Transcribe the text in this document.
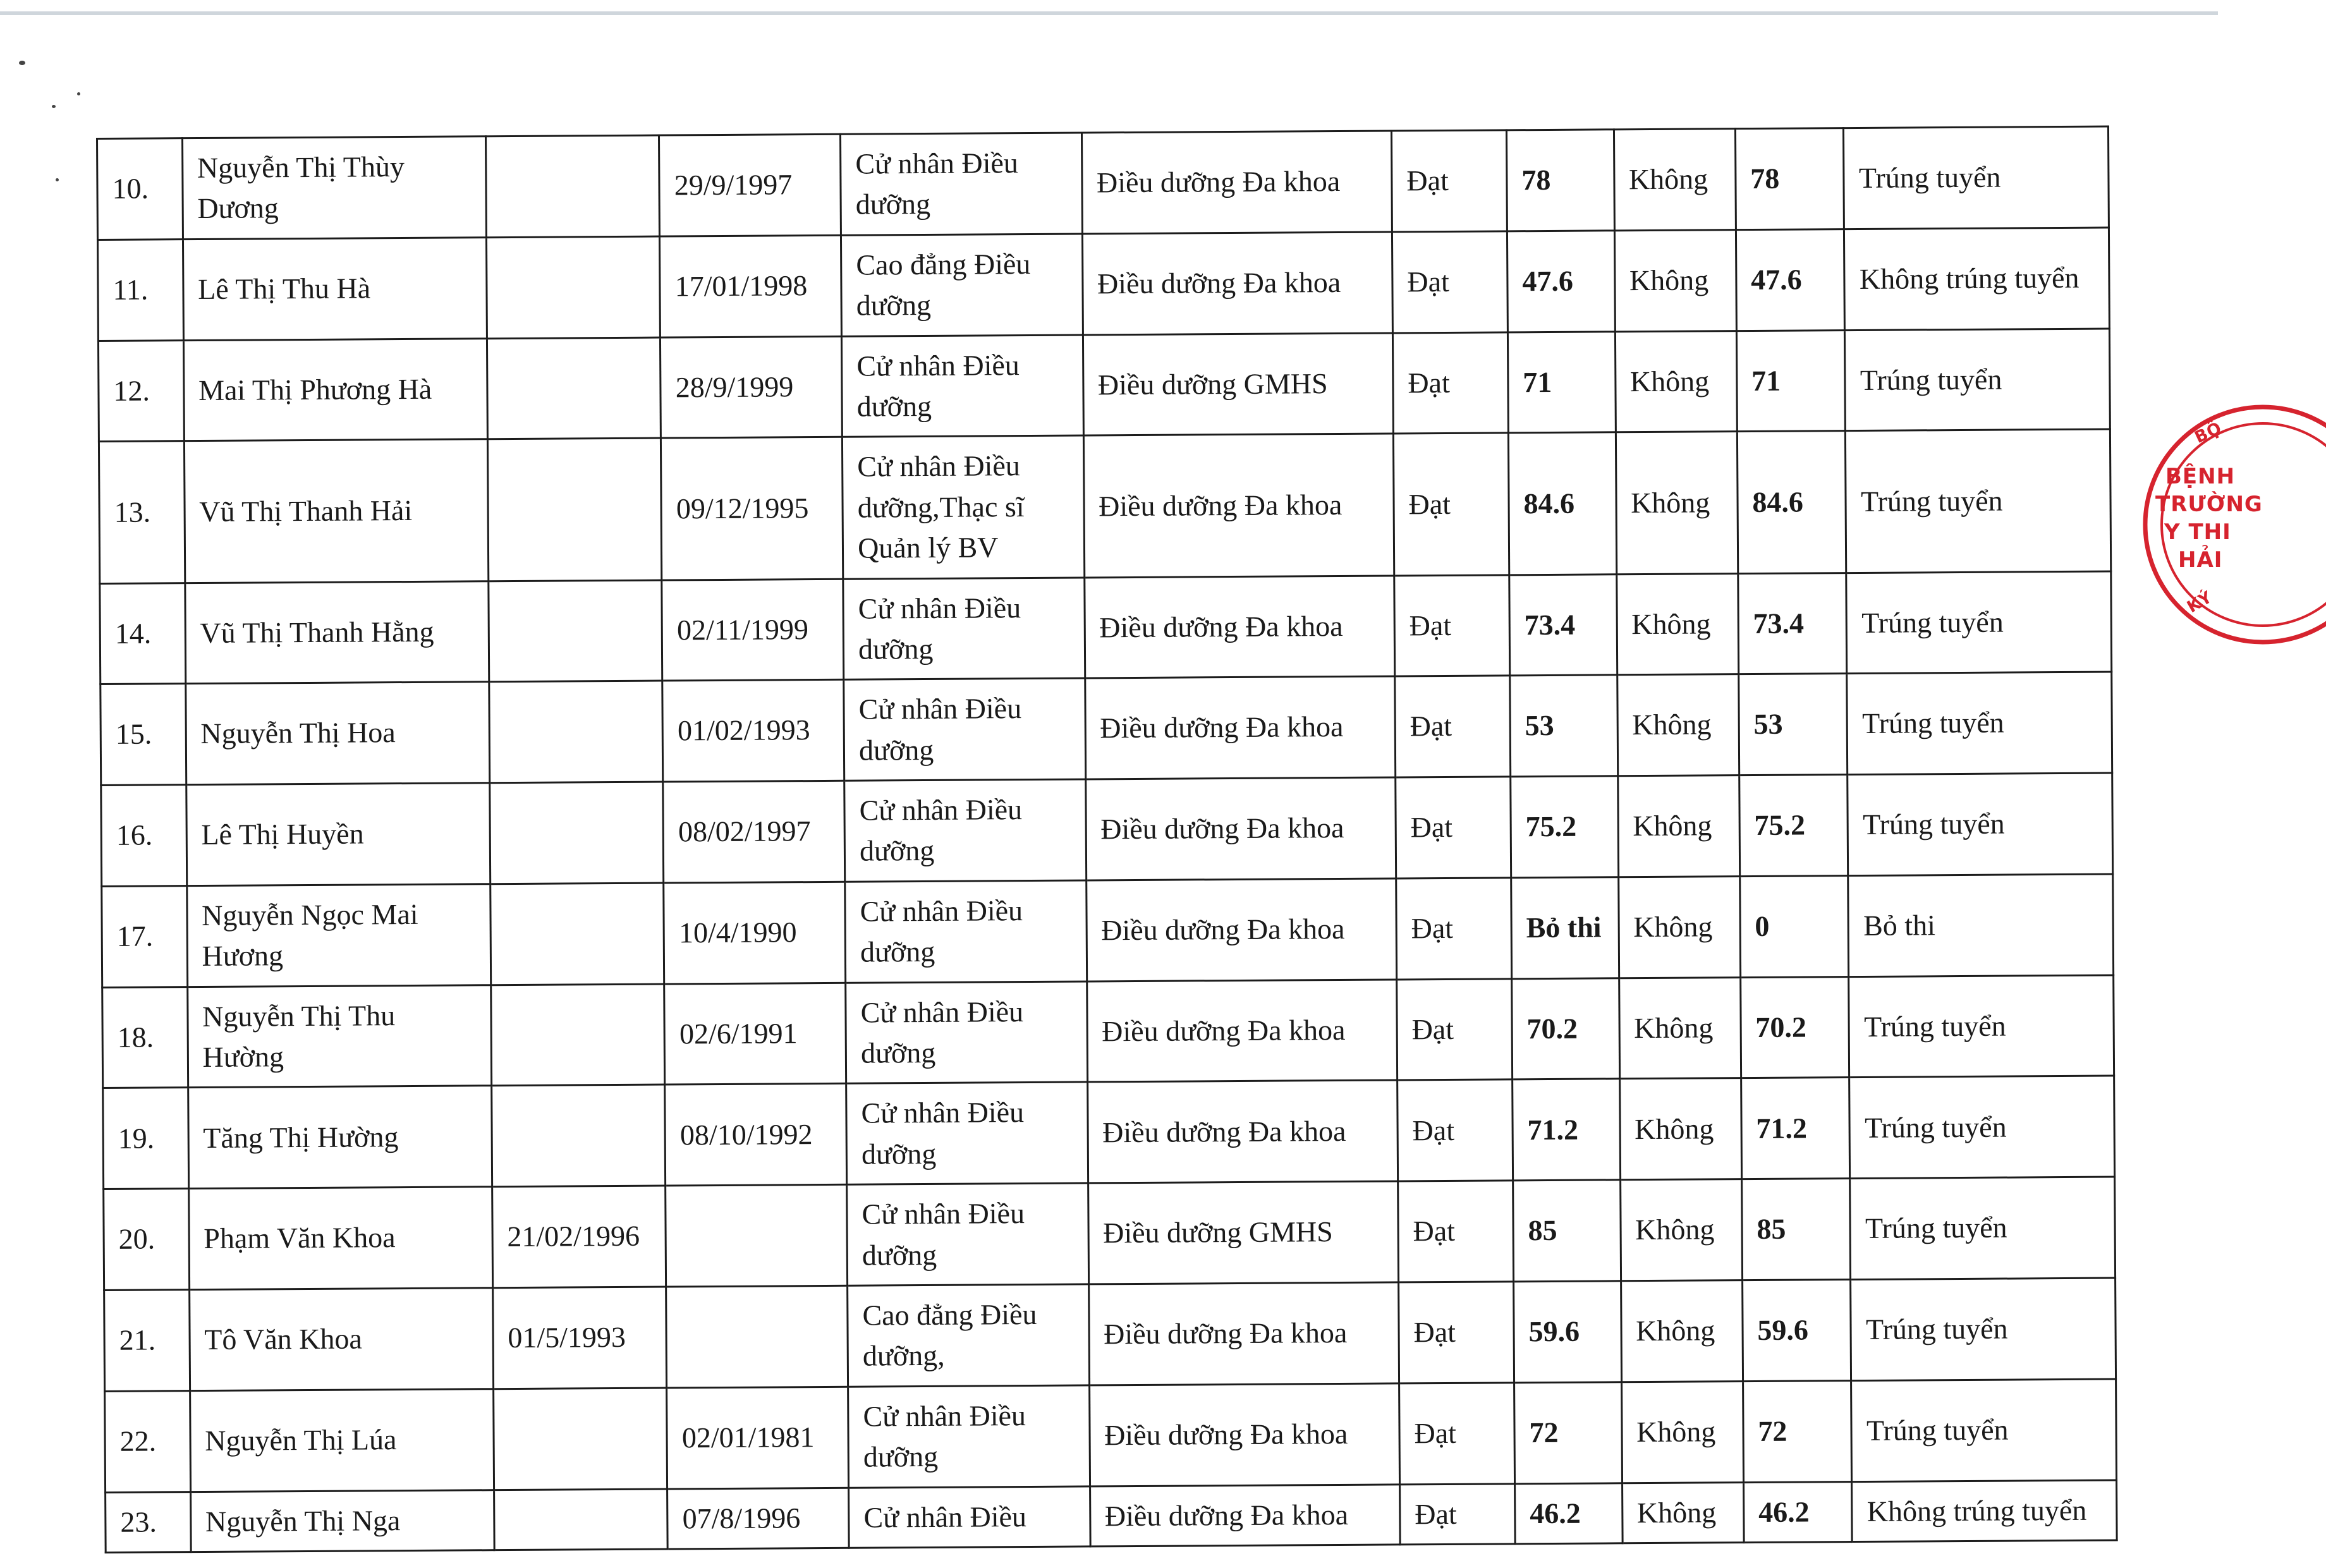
10.	Nguyễn Thị Thùy Dương		29/9/1997	Cử nhân Điều dưỡng	Điều dưỡng Đa khoa	Đạt	78	Không	78	Trúng tuyển
11.	Lê Thị Thu Hà		17/01/1998	Cao đẳng Điều dưỡng	Điều dưỡng Đa khoa	Đạt	47.6	Không	47.6	Không trúng tuyển
12.	Mai Thị Phương Hà		28/9/1999	Cử nhân Điều dưỡng	Điều dưỡng GMHS	Đạt	71	Không	71	Trúng tuyển
13.	Vũ Thị Thanh Hải		09/12/1995	Cử nhân Điều dưỡng,Thạc sĩ Quản lý BV	Điều dưỡng Đa khoa	Đạt	84.6	Không	84.6	Trúng tuyển
14.	Vũ Thị Thanh Hằng		02/11/1999	Cử nhân Điều dưỡng	Điều dưỡng Đa khoa	Đạt	73.4	Không	73.4	Trúng tuyển
15.	Nguyễn Thị Hoa		01/02/1993	Cử nhân Điều dưỡng	Điều dưỡng Đa khoa	Đạt	53	Không	53	Trúng tuyển
16.	Lê Thị Huyền		08/02/1997	Cử nhân Điều dưỡng	Điều dưỡng Đa khoa	Đạt	75.2	Không	75.2	Trúng tuyển
17.	Nguyễn Ngọc Mai Hương		10/4/1990	Cử nhân Điều dưỡng	Điều dưỡng Đa khoa	Đạt	Bỏ thi	Không	0	Bỏ thi
18.	Nguyễn Thị Thu Hường		02/6/1991	Cử nhân Điều dưỡng	Điều dưỡng Đa khoa	Đạt	70.2	Không	70.2	Trúng tuyển
19.	Tăng Thị Hường		08/10/1992	Cử nhân Điều dưỡng	Điều dưỡng Đa khoa	Đạt	71.2	Không	71.2	Trúng tuyển
20.	Phạm Văn Khoa	21/02/1996		Cử nhân Điều dưỡng	Điều dưỡng GMHS	Đạt	85	Không	85	Trúng tuyển
21.	Tô Văn Khoa	01/5/1993		Cao đẳng Điều dưỡng,	Điều dưỡng Đa khoa	Đạt	59.6	Không	59.6	Trúng tuyển
22.	Nguyễn Thị Lúa		02/01/1981	Cử nhân Điều dưỡng	Điều dưỡng Đa khoa	Đạt	72	Không	72	Trúng tuyển
23.	Nguyễn Thị Nga		07/8/1996	Cử nhân Điều	Điều dưỡng Đa khoa	Đạt	46.2	Không	46.2	Không trúng tuyển
BỘ
BỆNH
TRƯỜNG
Y THI
HẢI
KÝ
